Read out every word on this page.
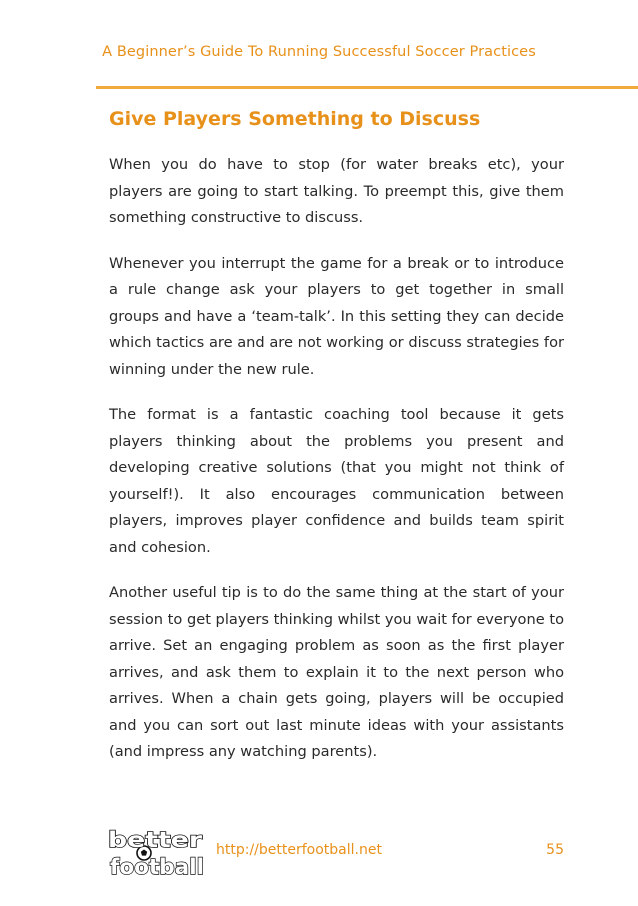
A Beginner’s Guide To Running Successful Soccer Practices
Give Players Something to Discuss

When you do have to stop (for water breaks etc), your players are going to start talking. To preempt this, give them something constructive to discuss.

Whenever you interrupt the game for a break or to introduce a rule change ask your players to get together in small groups and have a ‘team-talk’. In this setting they can decide which tactics are and are not working or discuss strategies for winning under the new rule.

The format is a fantastic coaching tool because it gets players thinking about the problems you present and developing creative solutions (that you might not think of yourself!). It also encourages communication between players, improves player confidence and builds team spirit and cohesion.

Another useful tip is to do the same thing at the start of your session to get players thinking whilst you wait for everyone to arrive. Set an engaging problem as soon as the first player arrives, and ask them to explain it to the next person who arrives. When a chain gets going, players will be occupied and you can sort out last minute ideas with your assistants (and impress any watching parents).

better
football
http://betterfootball.net	55
